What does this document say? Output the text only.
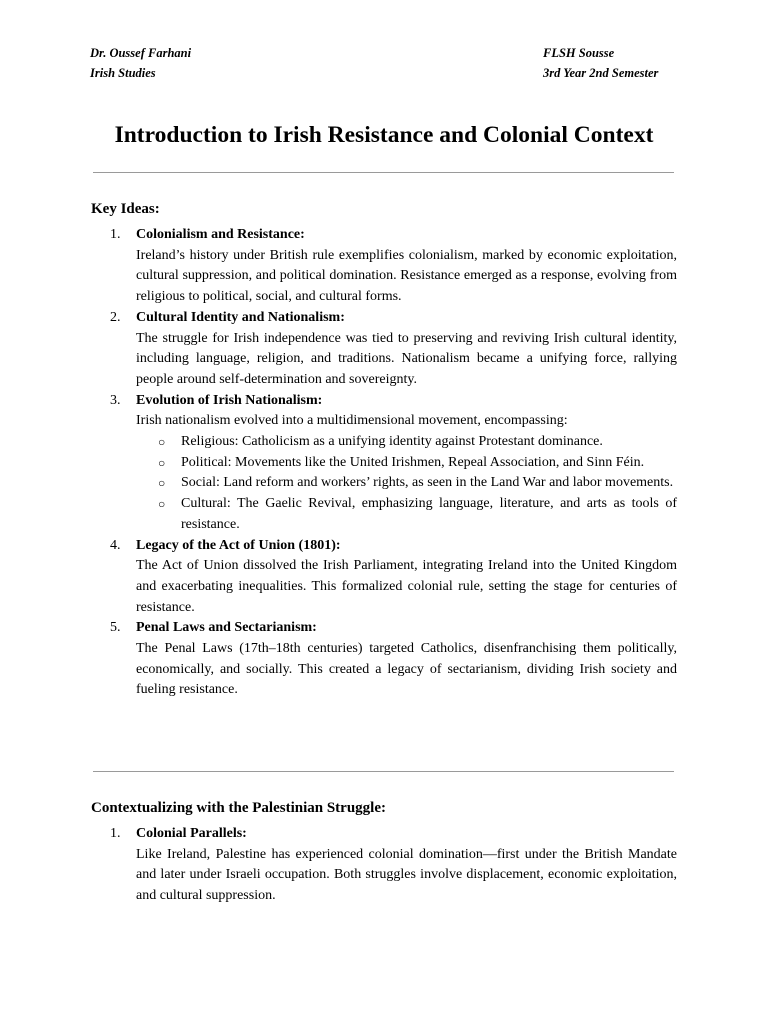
Dr. Oussef Farhani
Irish Studies
FLSH Sousse
3rd Year 2nd Semester
Introduction to Irish Resistance and Colonial Context
Key Ideas:
1. Colonialism and Resistance:
Ireland’s history under British rule exemplifies colonialism, marked by economic exploitation, cultural suppression, and political domination. Resistance emerged as a response, evolving from religious to political, social, and cultural forms.
2. Cultural Identity and Nationalism:
The struggle for Irish independence was tied to preserving and reviving Irish cultural identity, including language, religion, and traditions. Nationalism became a unifying force, rallying people around self-determination and sovereignty.
3. Evolution of Irish Nationalism:
Irish nationalism evolved into a multidimensional movement, encompassing:
○ Religious: Catholicism as a unifying identity against Protestant dominance.
○ Political: Movements like the United Irishmen, Repeal Association, and Sinn Féin.
○ Social: Land reform and workers’ rights, as seen in the Land War and labor movements.
○ Cultural: The Gaelic Revival, emphasizing language, literature, and arts as tools of resistance.
4. Legacy of the Act of Union (1801):
The Act of Union dissolved the Irish Parliament, integrating Ireland into the United Kingdom and exacerbating inequalities. This formalized colonial rule, setting the stage for centuries of resistance.
5. Penal Laws and Sectarianism:
The Penal Laws (17th–18th centuries) targeted Catholics, disenfranchising them politically, economically, and socially. This created a legacy of sectarianism, dividing Irish society and fueling resistance.
Contextualizing with the Palestinian Struggle:
1. Colonial Parallels:
Like Ireland, Palestine has experienced colonial domination—first under the British Mandate and later under Israeli occupation. Both struggles involve displacement, economic exploitation, and cultural suppression.
